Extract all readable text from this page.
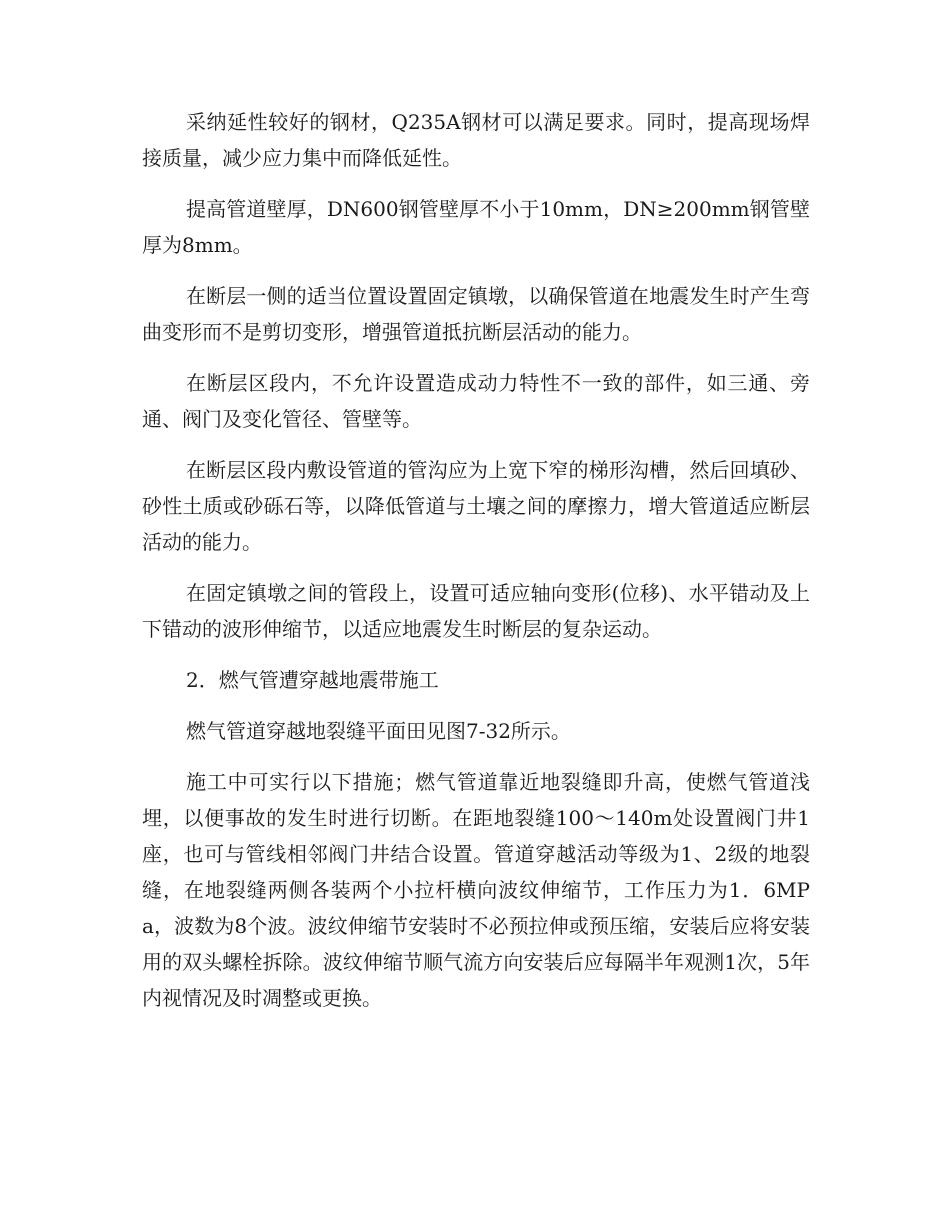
采纳延性较好的钢材，Q235A钢材可以满足要求。同时，提高现场焊接质量，减少应力集中而降低延性。

提高管道壁厚，DN600钢管壁厚不小于10mm，DN≥200mm钢管壁厚为8mm。

在断层一侧的适当位置设置固定镇墩，以确保管道在地震发生时产生弯曲变形而不是剪切变形，增强管道抵抗断层活动的能力。

在断层区段内，不允许设置造成动力特性不一致的部件，如三通、旁通、阀门及变化管径、管壁等。

在断层区段内敷设管道的管沟应为上宽下窄的梯形沟槽，然后回填砂、砂性土质或砂砾石等，以降低管道与土壤之间的摩擦力，增大管道适应断层活动的能力。

在固定镇墩之间的管段上，设置可适应轴向变形(位移)、水平错动及上下错动的波形伸缩节，以适应地震发生时断层的复杂运动。

2．燃气管遭穿越地震带施工

燃气管道穿越地裂缝平面田见图7-32所示。

施工中可实行以下措施；燃气管道靠近地裂缝即升高，使燃气管道浅埋，以便事故的发生时进行切断。在距地裂缝100～140m处设置阀门井1座，也可与管线相邻阀门井结合设置。管道穿越活动等级为1、2级的地裂缝，在地裂缝两侧各装两个小拉杆横向波纹伸缩节，工作压力为1．6MPa，波数为8个波。波纹伸缩节安装时不必预拉伸或预压缩，安装后应将安装用的双头螺栓拆除。波纹伸缩节顺气流方向安装后应每隔半年观测1次，5年内视情况及时凋整或更换。
